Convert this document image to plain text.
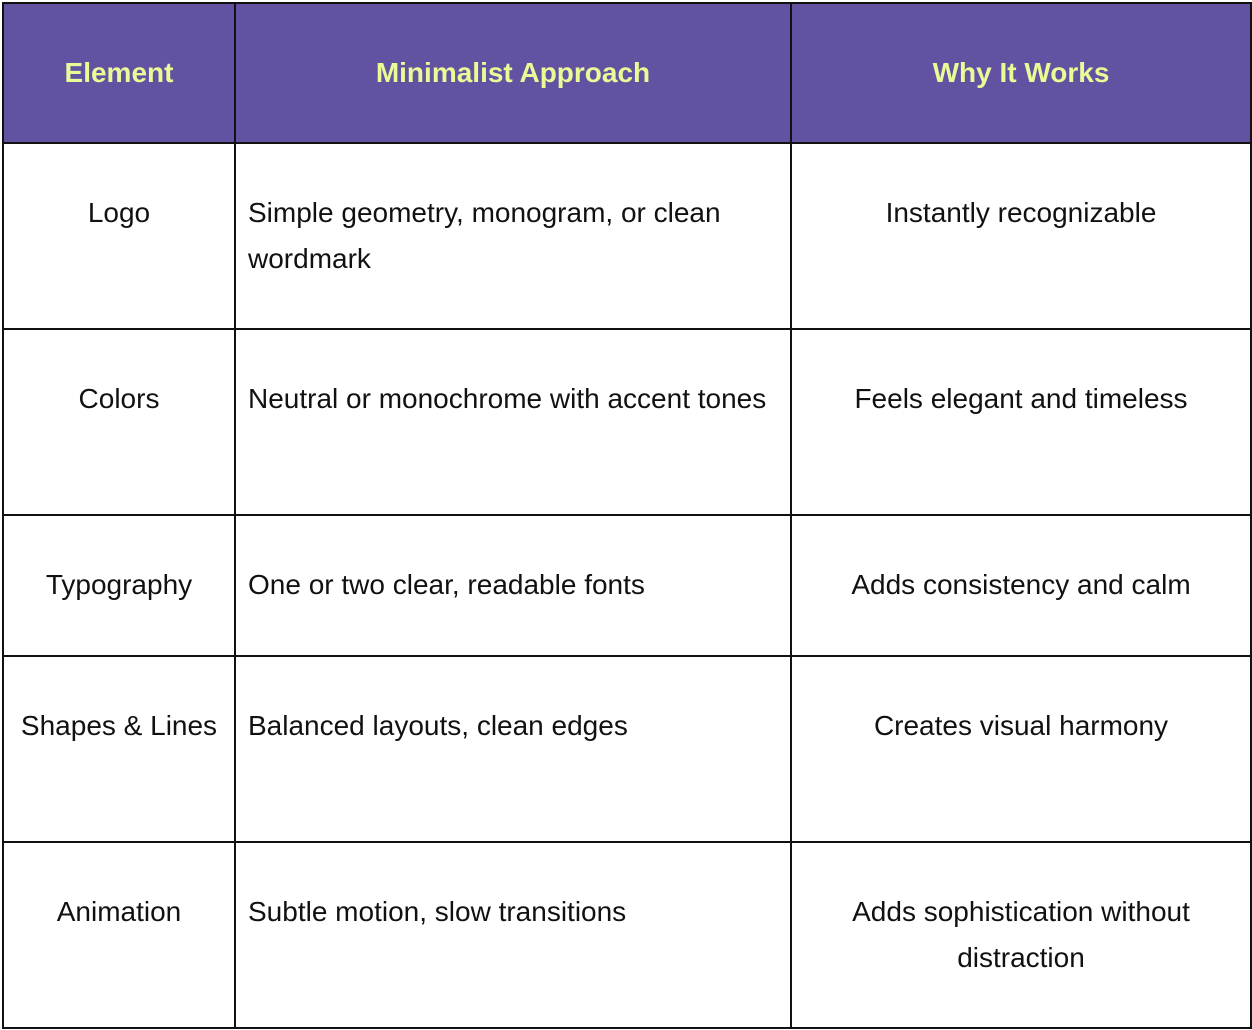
Element	Minimalist Approach	Why It Works
Logo	Simple geometry, monogram, or clean wordmark	Instantly recognizable
Colors	Neutral or monochrome with accent tones	Feels elegant and timeless
Typography	One or two clear, readable fonts	Adds consistency and calm
Shapes & Lines	Balanced layouts, clean edges	Creates visual harmony
Animation	Subtle motion, slow transitions	Adds sophistication without distraction
